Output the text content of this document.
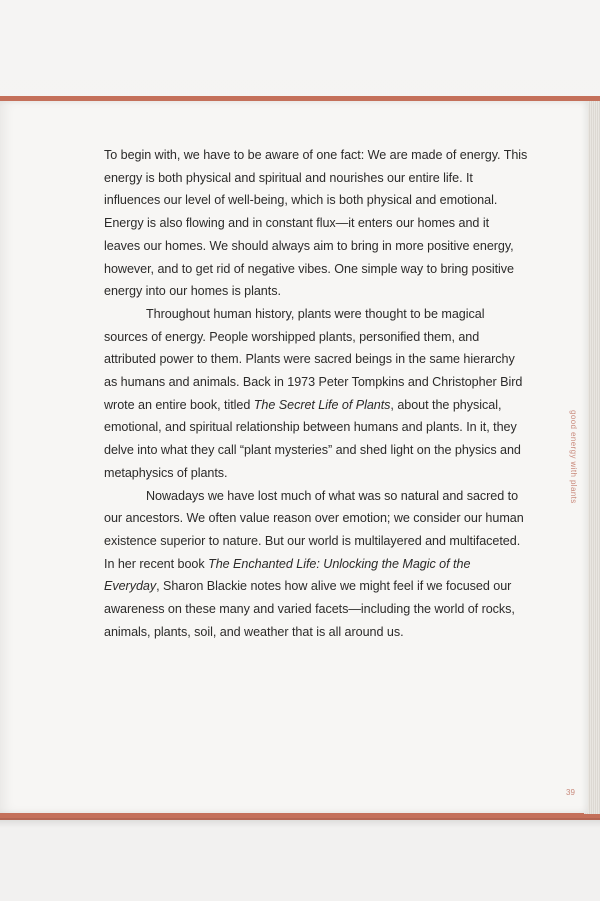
To begin with, we have to be aware of one fact: We are made of energy. This energy is both physical and spiritual and nourishes our entire life. It influences our level of well-being, which is both physical and emotional. Energy is also flowing and in constant flux—it enters our homes and it leaves our homes. We should always aim to bring in more positive energy, however, and to get rid of negative vibes. One simple way to bring positive energy into our homes is plants.

Throughout human history, plants were thought to be magical sources of energy. People worshipped plants, personified them, and attributed power to them. Plants were sacred beings in the same hierarchy as humans and animals. Back in 1973 Peter Tompkins and Christopher Bird wrote an entire book, titled The Secret Life of Plants, about the physical, emotional, and spiritual relationship between humans and plants. In it, they delve into what they call “plant mysteries” and shed light on the physics and metaphysics of plants.

Nowadays we have lost much of what was so natural and sacred to our ancestors. We often value reason over emotion; we consider our human existence superior to nature. But our world is multilayered and multifaceted. In her recent book The Enchanted Life: Unlocking the Magic of the Everyday, Sharon Blackie notes how alive we might feel if we focused our awareness on these many and varied facets—including the world of rocks, animals, plants, soil, and weather that is all around us.

good energy with plants
39
